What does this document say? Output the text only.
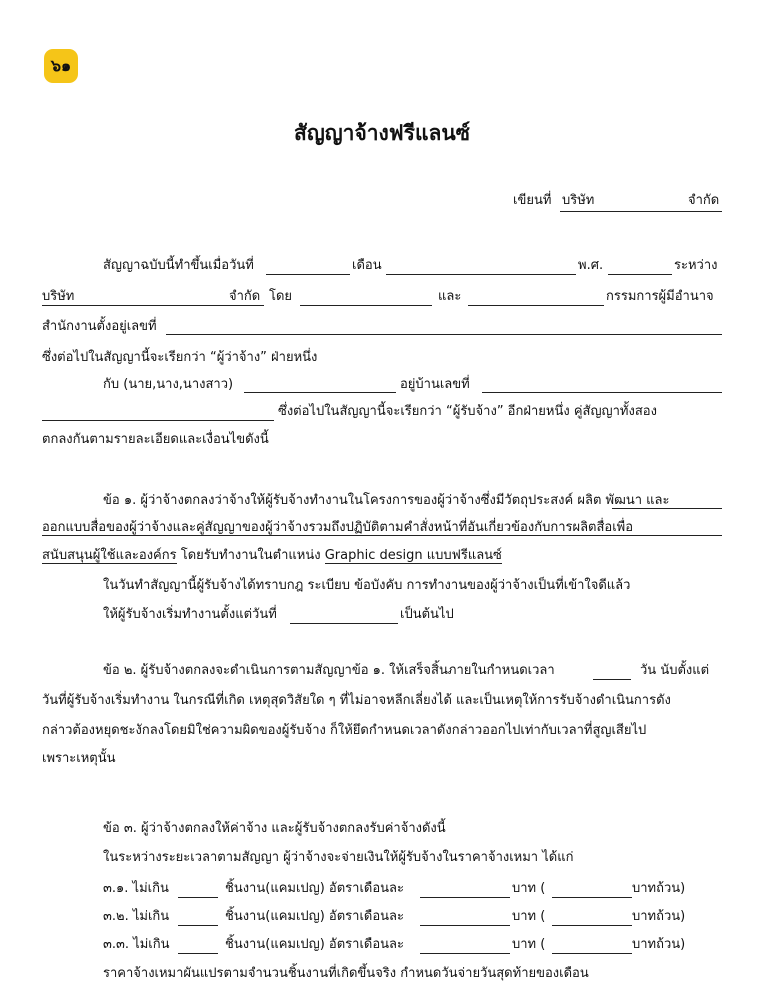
๖๑
สัญญาจ้างฟรีแลนซ์
เขียนที่ บริษัท	จำกัด
สัญญาฉบับนี้ทำขึ้นเมื่อวันที่	เดือน	พ.ศ.	ระหว่าง
บริษัท	จำกัด โดย	และ	กรรมการผู้มีอำนาจ
สำนักงานตั้งอยู่เลขที่
ซึ่งต่อไปในสัญญานี้จะเรียกว่า “ผู้ว่าจ้าง” ฝ่ายหนึ่ง
กับ (นาย,นาง,นางสาว)	อยู่บ้านเลขที่
ซึ่งต่อไปในสัญญานี้จะเรียกว่า “ผู้รับจ้าง” อีกฝ่ายหนึ่ง คู่สัญญาทั้งสอง
ตกลงกันตามรายละเอียดและเงื่อนไขดังนี้
ข้อ ๑. ผู้ว่าจ้างตกลงว่าจ้างให้ผู้รับจ้างทำงานในโครงการของผู้ว่าจ้างซึ่งมีวัตถุประสงค์ ผลิต พัฒนา และ
ออกแบบสื่อของผู้ว่าจ้างและคู่สัญญาของผู้ว่าจ้างรวมถึงปฏิบัติตามคำสั่งหน้าที่อันเกี่ยวข้องกับการผลิตสื่อเพื่อ
สนับสนุนผู้ใช้และองค์กร โดยรับทำงานในตำแหน่ง Graphic design แบบฟรีแลนซ์
ในวันทำสัญญานี้ผู้รับจ้างได้ทราบกฎ ระเบียบ ข้อบังคับ การทำงานของผู้ว่าจ้างเป็นที่เข้าใจดีแล้ว
ให้ผู้รับจ้างเริ่มทำงานตั้งแต่วันที่	เป็นต้นไป
ข้อ ๒. ผู้รับจ้างตกลงจะดำเนินการตามสัญญาข้อ ๑. ให้เสร็จสิ้นภายในกำหนดเวลา	วัน นับตั้งแต่
วันที่ผู้รับจ้างเริ่มทำงาน ในกรณีที่เกิด เหตุสุดวิสัยใด ๆ ที่ไม่อาจหลีกเลี่ยงได้ และเป็นเหตุให้การรับจ้างดำเนินการดัง
กล่าวต้องหยุดชะงักลงโดยมิใช่ความผิดของผู้รับจ้าง ก็ให้ยึดกำหนดเวลาดังกล่าวออกไปเท่ากับเวลาที่สูญเสียไป
เพราะเหตุนั้น
ข้อ ๓. ผู้ว่าจ้างตกลงให้ค่าจ้าง และผู้รับจ้างตกลงรับค่าจ้างดังนี้
ในระหว่างระยะเวลาตามสัญญา ผู้ว่าจ้างจะจ่ายเงินให้ผู้รับจ้างในราคาจ้างเหมา ได้แก่
๓.๑. ไม่เกิน	ชิ้นงาน(แคมเปญ) อัตราเดือนละ	บาท (	บาทถ้วน)
๓.๒. ไม่เกิน	ชิ้นงาน(แคมเปญ) อัตราเดือนละ	บาท (	บาทถ้วน)
๓.๓. ไม่เกิน	ชิ้นงาน(แคมเปญ) อัตราเดือนละ	บาท (	บาทถ้วน)
ราคาจ้างเหมาผันแปรตามจำนวนชิ้นงานที่เกิดขึ้นจริง กำหนดวันจ่ายวันสุดท้ายของเดือน
